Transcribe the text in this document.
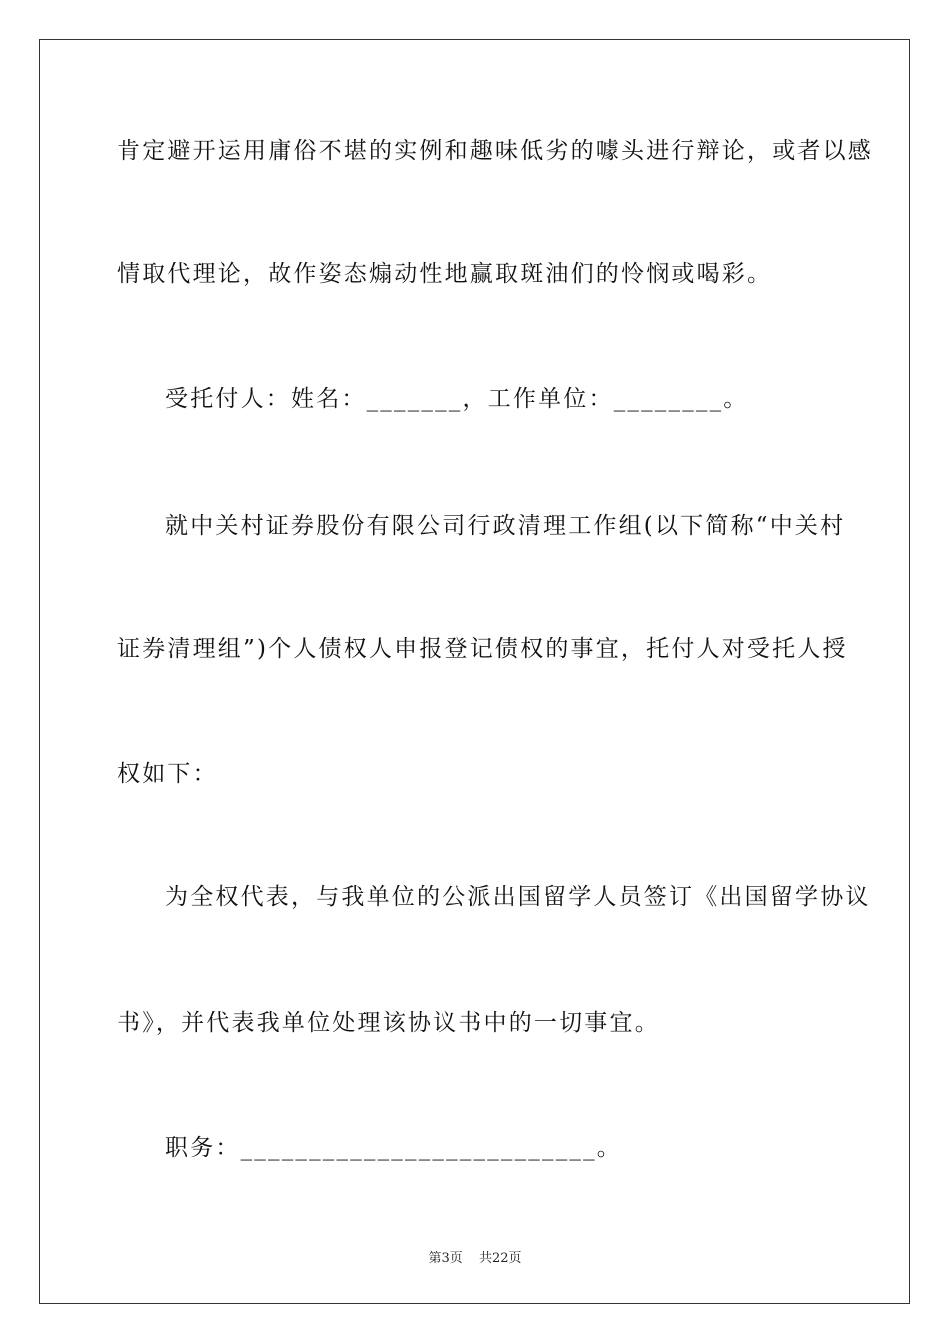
肯定避开运用庸俗不堪的实例和趣味低劣的噱头进行辩论，或者以感
情取代理论，故作姿态煽动性地赢取斑油们的怜悯或喝彩。
受托付人：姓名：_______，工作单位：________。
就中关村证券股份有限公司行政清理工作组(以下简称“中关村
证券清理组”)个人债权人申报登记债权的事宜，托付人对受托人授
权如下：
为全权代表，与我单位的公派出国留学人员签订《出国留学协议
书》，并代表我单位处理该协议书中的一切事宜。
职务：__________________________。
第3页 共22页
